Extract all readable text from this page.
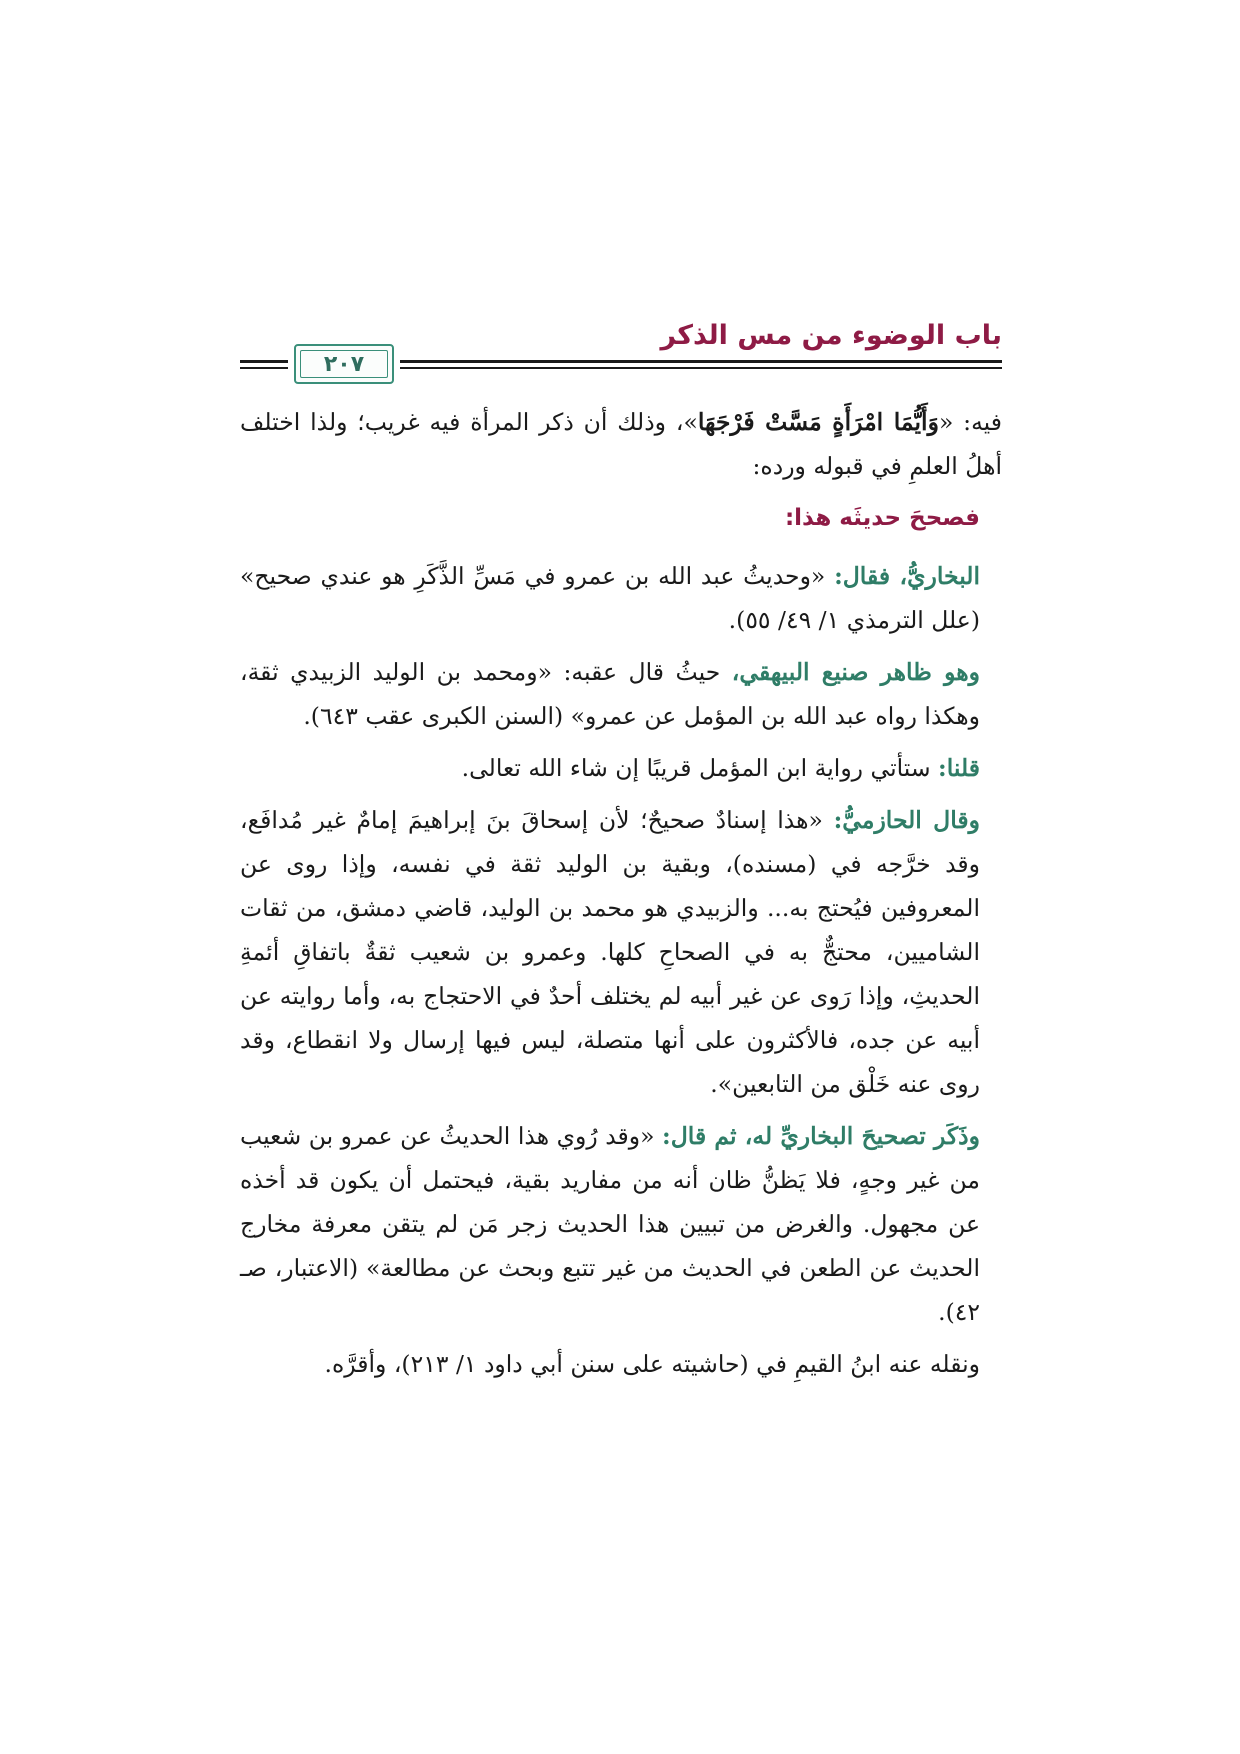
باب الوضوء من مس الذكر
٢٠٧

فيه: «وَأَيُّمَا امْرَأَةٍ مَسَّتْ فَرْجَهَا»، وذلك أن ذكر المرأة فيه غريب؛ ولذا اختلف أهلُ العلمِ في قبوله ورده:

فصححَ حديثَه هذا:

البخاريُّ، فقال: «وحديثُ عبد الله بن عمرو في مَسِّ الذَّكَرِ هو عندي صحيح» (علل الترمذي ١/ ٤٩/ ٥٥).

وهو ظاهر صنيع البيهقي، حيثُ قال عقبه: «ومحمد بن الوليد الزبيدي ثقة، وهكذا رواه عبد الله بن المؤمل عن عمرو» (السنن الكبرى عقب ٦٤٣).

قلنا: ستأتي رواية ابن المؤمل قريبًا إن شاء الله تعالى.

وقال الحازميُّ: «هذا إسنادٌ صحيحٌ؛ لأن إسحاقَ بنَ إبراهيمَ إمامٌ غير مُدافَع، وقد خرَّجه في (مسنده)، وبقية بن الوليد ثقة في نفسه، وإذا روى عن المعروفين فيُحتج به... والزبيدي هو محمد بن الوليد، قاضي دمشق، من ثقات الشاميين، محتجٌّ به في الصحاحِ كلها. وعمرو بن شعيب ثقةٌ باتفاقِ أئمةِ الحديثِ، وإذا رَوى عن غير أبيه لم يختلف أحدٌ في الاحتجاج به، وأما روايته عن أبيه عن جده، فالأكثرون على أنها متصلة، ليس فيها إرسال ولا انقطاع، وقد روى عنه خَلْق من التابعين».

وذَكَر تصحيحَ البخاريِّ له، ثم قال: «وقد رُوي هذا الحديثُ عن عمرو بن شعيب من غير وجهٍ، فلا يَظنُّ ظان أنه من مفاريد بقية، فيحتمل أن يكون قد أخذه عن مجهول. والغرض من تبيين هذا الحديث زجر مَن لم يتقن معرفة مخارج الحديث عن الطعن في الحديث من غير تتبع وبحث عن مطالعة» (الاعتبار، صـ ٤٢).

ونقله عنه ابنُ القيمِ في (حاشيته على سنن أبي داود ١/ ٢١٣)، وأقرَّه.
